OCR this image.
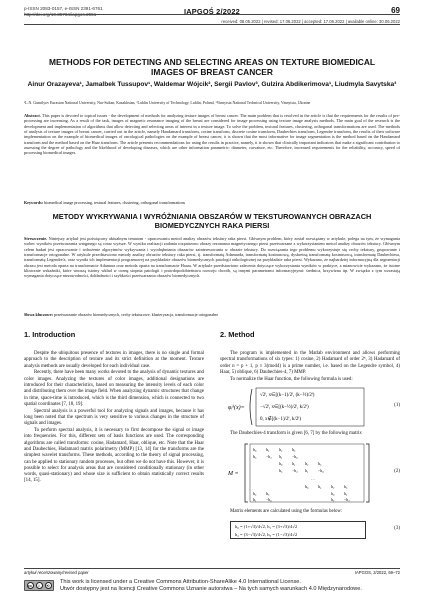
p-ISSN 2083-0157, e-ISSN 2391-6761
http://doi.org/10.35784/iapgos.2951	IAPGOŚ 2/2022	69
received: 08.05.2022 | revised: 17.06.2022 | accepted: 17.06.2022 | available online: 30.06.2022
METHODS FOR DETECTING AND SELECTING AREAS ON TEXTURE BIOMEDICAL IMAGES OF BREAST CANCER
Ainur Orazayeva¹, Jamalbek Tussupov¹, Waldemar Wójcik², Sergii Pavlov³, Gulzira Abdikerimova¹, Liudmyla Savytska³
¹L.N. Gumilyov Eurasian National University, Nur-Sultan, Kazakhstan, ²Lublin University of Technology, Lublin, Poland, ³Vinnytsia National Technical University, Vinnytsia, Ukraine
Abstract. This paper is devoted to topical issues - the development of methods for analyzing texture images of breast cancer. The main problem that is resolved in the article is that the requirements for the results of pre-processing are increasing. As a result of the task, images of magnetic resonance imaging of the breast are considered for image processing using texture image analysis methods. The main goal of the research is the development and implementation of algorithms that allow detecting and selecting areas of interest in a texture image. To solve the problem, textural features, clustering, orthogonal transformations are used. The methods of analysis of texture images of breast cancer, carried out in the article, namely Haudamard transform, cosine transform, discrete cosine transform, Daubechies transform, Legendre transform, the results of their software implementation on the example of biomedical images of oncological pathologies on the example of breast cancer, it is shown that the most informative for image segmentation is the method based on the Haudamard transform and the method based on the Haar transform. The article presents recommendations for using the results in practice, namely, it is shown that clinically important indicators that make a significant contribution to assessing the degree of pathology and the likelihood of developing diseases, which are other information parametric: diameter, curvature, etc. Therefore, increased requirements for the reliability, accuracy, speed of processing biomedical images.
Keywords: biomedical image processing, textural features, clustering, orthogonal transformations
METODY WYKRYWANIA I WYRÓŻNIANIA OBSZARÓW W TEKSTUROWANYCH OBRAZACH BIOMEDYCZNYCH RAKA PIERSI
Streszczenie. Niniejszy artykuł jest poświęcony aktualnym tematom - opracowaniu metod analizy obrazów tekstury raka piersi. Głównym problem, który został rozwiązany w artykule, polega na tym, że wymagania wobec wyników przetwarzania wstępnego są coraz wyższe. W wyniku realizacji zadania rozpatrzono obrazy rezonansu magnetycznego piersi przetwarzane z wykorzystaniem metod analizy obrazów tekstury. Głównym celem badań jest opracowanie i wdrożenie algorytmów wykrywania i wyodrębniania obszarów zainteresowania w obrazie tekstury. Do rozwiązania tego problemu wykorzystuje się cechy tekstury, grupowanie i transformacje ortogonalne. W artykule przedstawiono metody analizy obrazów tekstury raka piersi, tj. transformatę Adamarda, transformatę kosinusową, dyskretną transformatę kosinusową, transformatę Daubechiesa, transformatę Legendre'a, oraz wyniki ich implementacji programowej na przykładzie obrazów biomedycznych patologii onkologicznej na przykładzie raka piersi. Wykazano, że najbardziej informacyjną dla segmentacji obrazu jest metoda oparta na transformacie Adamara oraz metoda oparta na transformacie Haara. W artykule przedstawiono zalecenia dotyczące wykorzystania wyników w praktyce, a mianowicie wykazano, że istotne klinicznie wskaźniki, które wnoszą istotny wkład w ocenę stopnia patologii i prawdopodobieństwa rozwoju chorób, są innymi parametrami informacyjnymi: średnica, krzywizna itp. W związku z tym wzrastają wymagania dotyczące niezawodności, dokładności i szybkości przetwarzania obrazów biomedycznych.
Słowa kluczowe: przetwarzanie obrazów biomedycznych, cechy teksturowe, klasteryzacja, transformacje ortogonalne
1. Introduction

Despite the ubiquitous presence of textures in images, there is no single and formal approach to the description of texture and its strict definition at the moment. Texture analysis methods are usually developed for each individual case.

Recently, there have been many works devoted to the analysis of dynamic textures and color images. Analyzing the textures of color images, additional designations are introduced for their characteristics, based on measuring the intensity levels of each color and distributing them over the image field. When analyzing dynamic structures that change in time, space-time is introduced, which is the third dimension, which is connected to two spatial coordinates [7, 18, 19].

Spectral analysis is a powerful tool for analyzing signals and images, because it has long been noted that the spectrum is very sensitive to various changes in the structure of signals and images.

To perform spectral analysis, it is necessary to first decompose the signal or image into frequencies. For this, different sets of basis functions are used. The corresponding algorithms are called transforms: cosine, Hadamard, Haar, oblique, etc. Note that the Haar and Daubechies, Hadamard matrix polarimetry (MMP) [13, 14] for the transforms are the simplest wavelet transforms. These methods, according to the theory of signal processing, can be applied to stationary random processes, but often we do not have this. However, it is possible to select for analysis areas that are considered conditionally stationary (in other words, quasi-stationary) and whose size is sufficient to obtain statistically correct results [14, 15].

2. Method

The program is implemented in the Matlab environment and allows performing spectral transformations of six types: 1) cosine, 2) Hadamard of order 2ⁿ, 3) Hadamard of order n = p + 1, p ≡ 3(mod4) is a prime number, i.e. based on the Legendre symbol, 4) Haar, 5) oblique, 6) Daubechies-4, 7) MMP.

To normalize the Haar function, the following formula is used:

φᵢᵏ(x)=
√2ⁱ, x∈[(k−1)/2ⁱ, (k−½)/2ⁱ)
−√2ⁱ, x∈[(k−½)/2ⁱ, k/2ⁱ)
0, x∉[(k−1)/2ⁱ, k/2ⁱ)
(1)

The Daubechies-4 transform is given [6, 7] by the following matrix

M =
h₀ h₁ h₂ h₃
h₃ −h₂ h₁ −h₀
h₀ h₁ h₂ h₃
h₃ −h₂ h₁ −h₀
…
h₀ h₁ h₂ h₃
h₂ h₃	h₀ h₁
h₁ −h₀	h₃ −h₂
(2)

Matrix elements are calculated using the formulas below:

h₀ = (1+√3)/4√2, h₁ = (3+√3)/4√2
h₂ = (3−√3)/4√2, h₃ = (1−√3)/4√2
(3)
artykuł recenzowany/revised paper	IAPGOS, 2/2022, 69–72
cc	i	⟲
This work is licensed under a Creative Commons Attribution-ShareAlike 4.0 International License.
Utwór dostępny jest na licencji Creative Commons Uznanie autorstwa – Na tych samych warunkach 4.0 Międzynarodowe.
